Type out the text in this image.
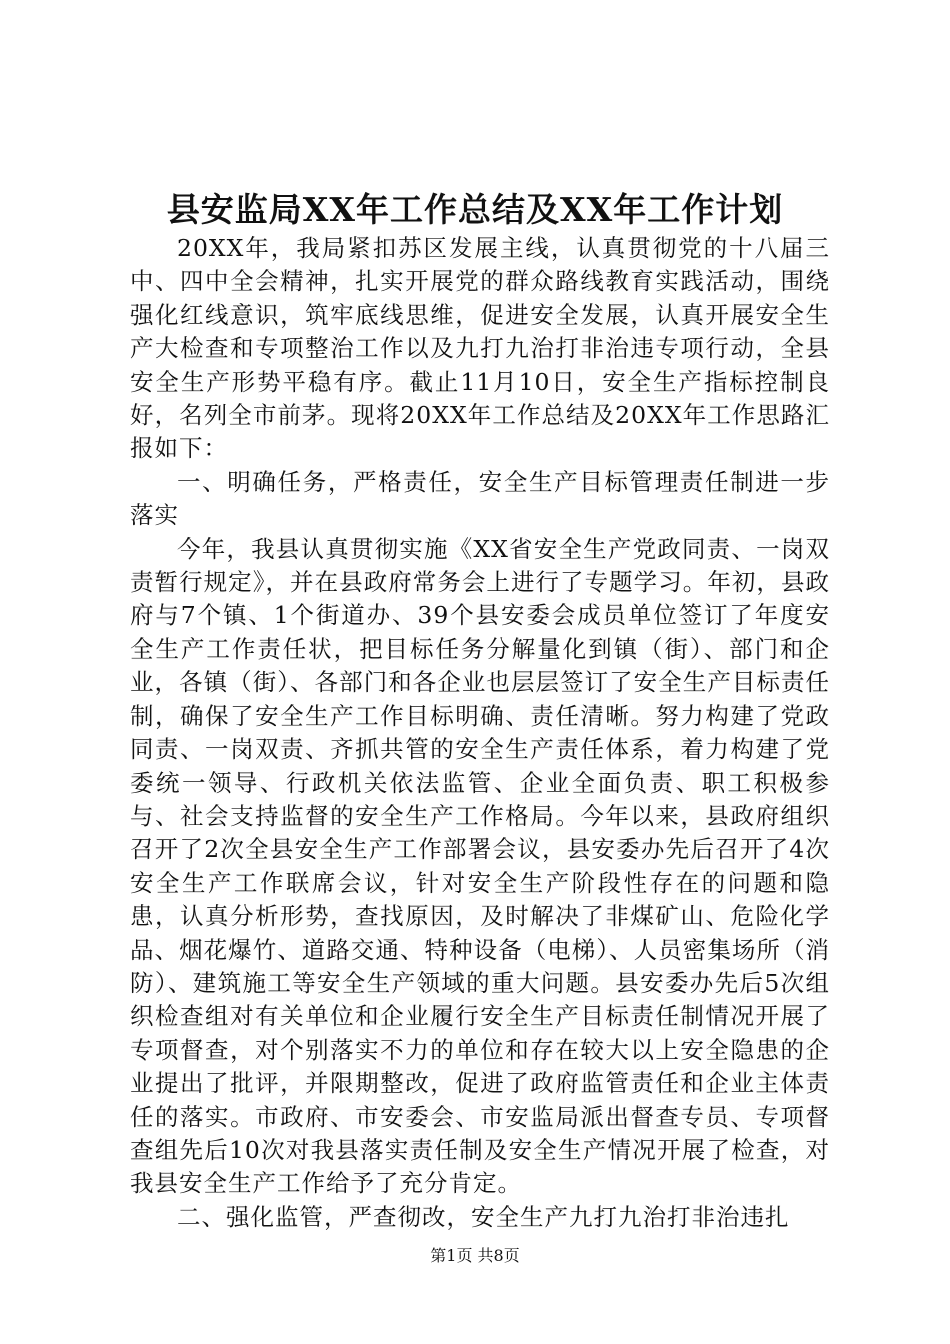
县安监局XX年工作总结及XX年工作计划

20XX年，我局紧扣苏区发展主线，认真贯彻党的十八届三中、四中全会精神，扎实开展党的群众路线教育实践活动，围绕强化红线意识，筑牢底线思维，促进安全发展，认真开展安全生产大检查和专项整治工作以及九打九治打非治违专项行动，全县安全生产形势平稳有序。截止11月10日，安全生产指标控制良好，名列全市前茅。现将20XX年工作总结及20XX年工作思路汇报如下：

一、明确任务，严格责任，安全生产目标管理责任制进一步落实

今年，我县认真贯彻实施《XX省安全生产党政同责、一岗双责暂行规定》，并在县政府常务会上进行了专题学习。年初，县政府与7个镇、1个街道办、39个县安委会成员单位签订了年度安全生产工作责任状，把目标任务分解量化到镇（街）、部门和企业，各镇（街）、各部门和各企业也层层签订了安全生产目标责任制，确保了安全生产工作目标明确、责任清晰。努力构建了党政同责、一岗双责、齐抓共管的安全生产责任体系，着力构建了党委统一领导、行政机关依法监管、企业全面负责、职工积极参与、社会支持监督的安全生产工作格局。今年以来，县政府组织召开了2次全县安全生产工作部署会议，县安委办先后召开了4次安全生产工作联席会议，针对安全生产阶段性存在的问题和隐患，认真分析形势，查找原因，及时解决了非煤矿山、危险化学品、烟花爆竹、道路交通、特种设备（电梯）、人员密集场所（消防）、建筑施工等安全生产领域的重大问题。县安委办先后5次组织检查组对有关单位和企业履行安全生产目标责任制情况开展了专项督查，对个别落实不力的单位和存在较大以上安全隐患的企业提出了批评，并限期整改，促进了政府监管责任和企业主体责任的落实。市政府、市安委会、市安监局派出督查专员、专项督查组先后10次对我县落实责任制及安全生产情况开展了检查，对我县安全生产工作给予了充分肯定。

二、强化监管，严查彻改，安全生产九打九治打非治违扎

第1页 共8页
